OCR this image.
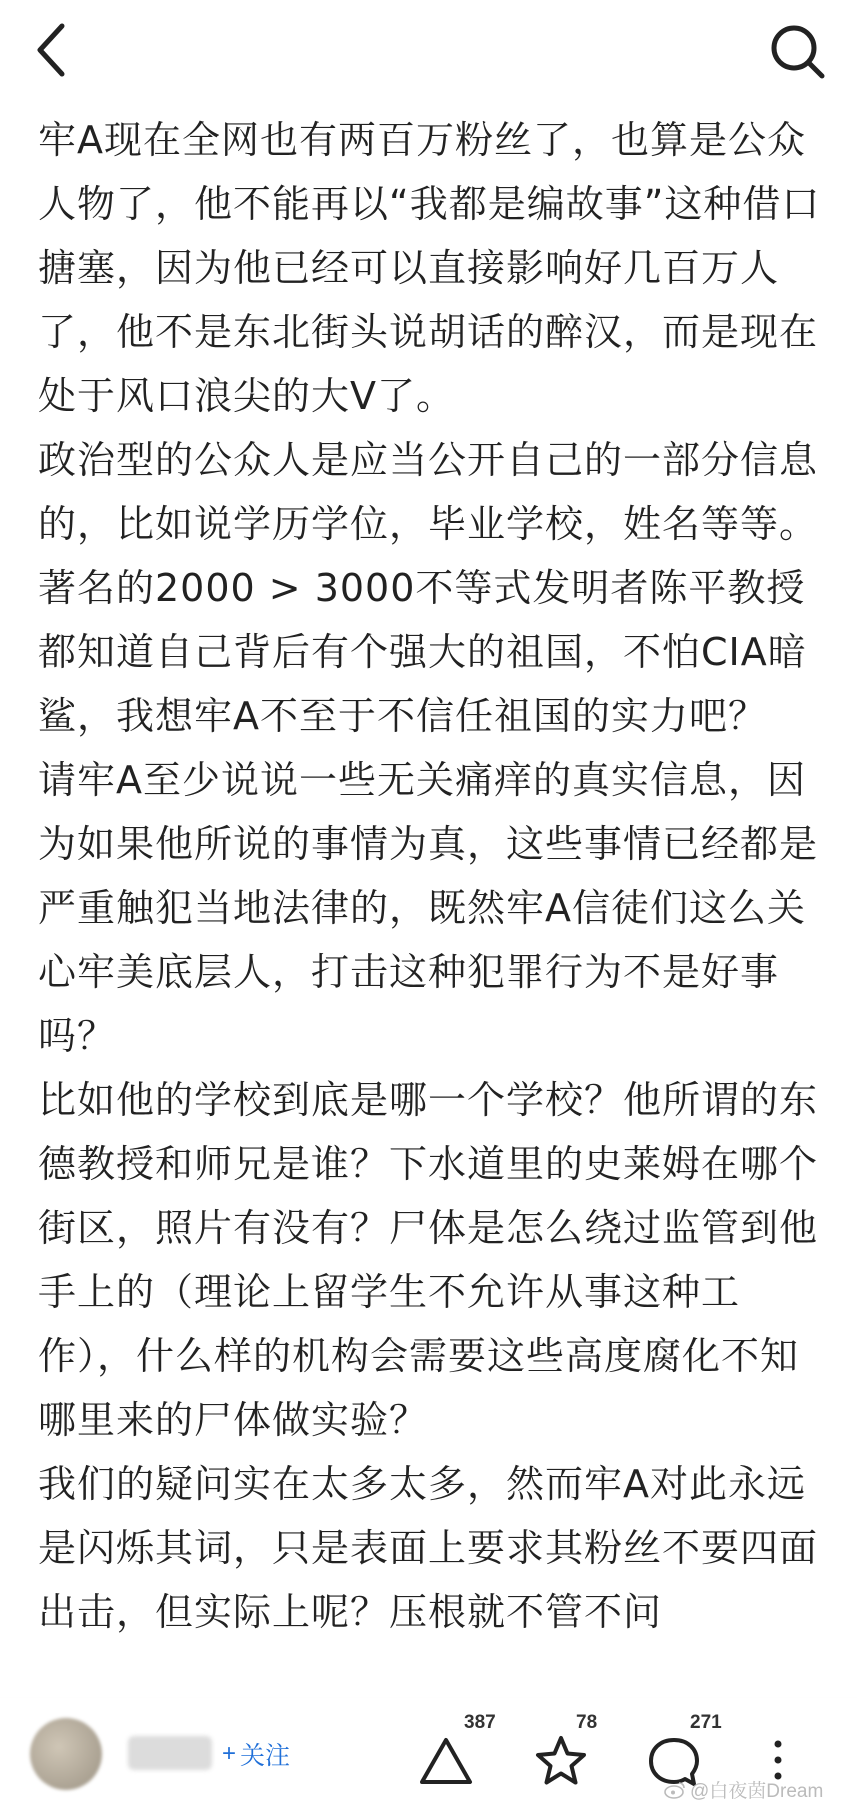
牢A现在全网也有两百万粉丝了，也算是公众人物了，他不能再以“我都是编故事”这种借口搪塞，因为他已经可以直接影响好几百万人了，他不是东北街头说胡话的醉汉，而是现在处于风口浪尖的大V了。

政治型的公众人是应当公开自己的一部分信息的，比如说学历学位，毕业学校，姓名等等。著名的2000 > 3000不等式发明者陈平教授都知道自己背后有个强大的祖国，不怕CIA暗鲨，我想牢A不至于不信任祖国的实力吧？

请牢A至少说说一些无关痛痒的真实信息，因为如果他所说的事情为真，这些事情已经都是严重触犯当地法律的，既然牢A信徒们这么关心牢美底层人，打击这种犯罪行为不是好事吗？

比如他的学校到底是哪一个学校？他所谓的东德教授和师兄是谁？下水道里的史莱姆在哪个街区，照片有没有？尸体是怎么绕过监管到他手上的（理论上留学生不允许从事这种工作），什么样的机构会需要这些高度腐化不知哪里来的尸体做实验？

我们的疑问实在太多太多，然而牢A对此永远是闪烁其词，只是表面上要求其粉丝不要四面出击，但实际上呢？压根就不管不问

+ 关注
387	78	271
@白夜茵Dream
